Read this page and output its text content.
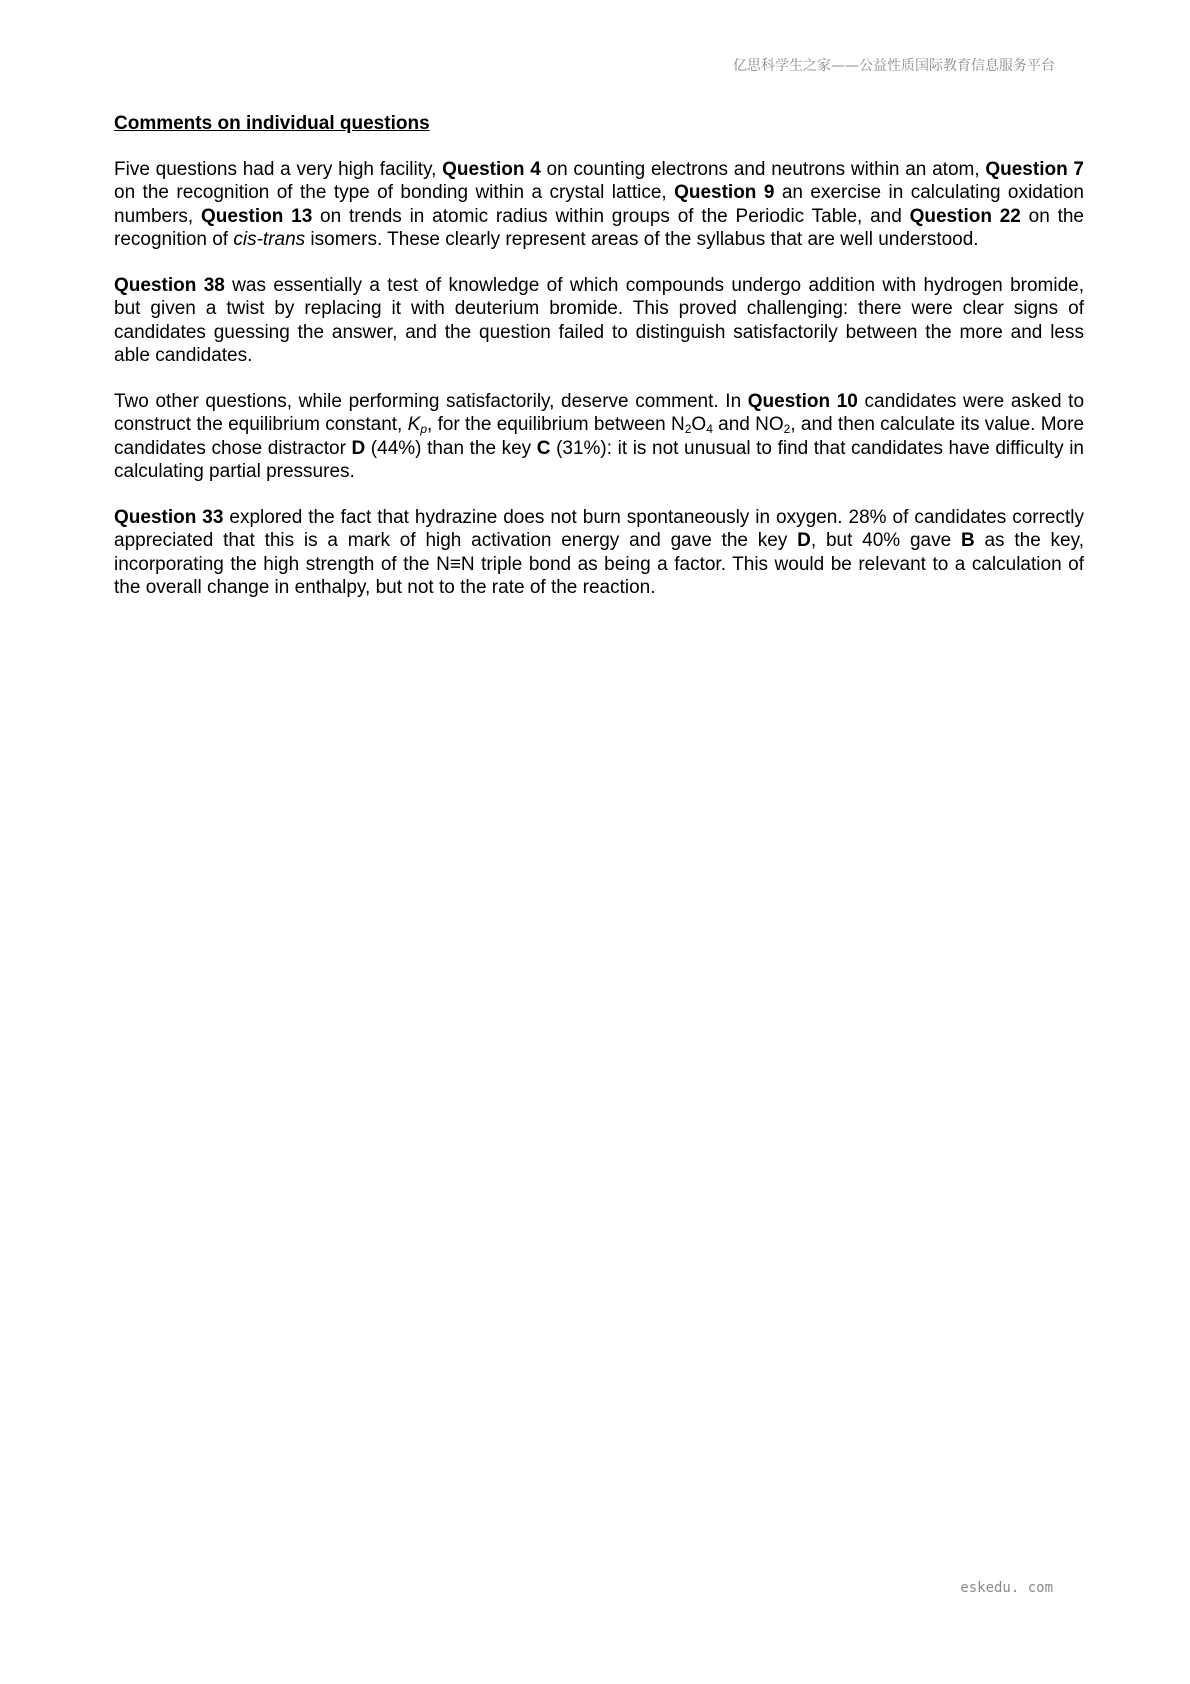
亿思科学生之家——公益性质国际教育信息服务平台
Comments on individual questions

Five questions had a very high facility, Question 4 on counting electrons and neutrons within an atom, Question 7 on the recognition of the type of bonding within a crystal lattice, Question 9 an exercise in calculating oxidation numbers, Question 13 on trends in atomic radius within groups of the Periodic Table, and Question 22 on the recognition of cis-trans isomers. These clearly represent areas of the syllabus that are well understood.

Question 38 was essentially a test of knowledge of which compounds undergo addition with hydrogen bromide, but given a twist by replacing it with deuterium bromide. This proved challenging: there were clear signs of candidates guessing the answer, and the question failed to distinguish satisfactorily between the more and less able candidates.

Two other questions, while performing satisfactorily, deserve comment. In Question 10 candidates were asked to construct the equilibrium constant, $K_p$, for the equilibrium between $N_2O_4$ and $NO_2$, and then calculate its value. More candidates chose distractor D (44%) than the key C (31%): it is not unusual to find that candidates have difficulty in calculating partial pressures.

Question 33 explored the fact that hydrazine does not burn spontaneously in oxygen. 28% of candidates correctly appreciated that this is a mark of high activation energy and gave the key D, but 40% gave B as the key, incorporating the high strength of the N≡N triple bond as being a factor. This would be relevant to a calculation of the overall change in enthalpy, but not to the rate of the reaction.

eskedu. com
